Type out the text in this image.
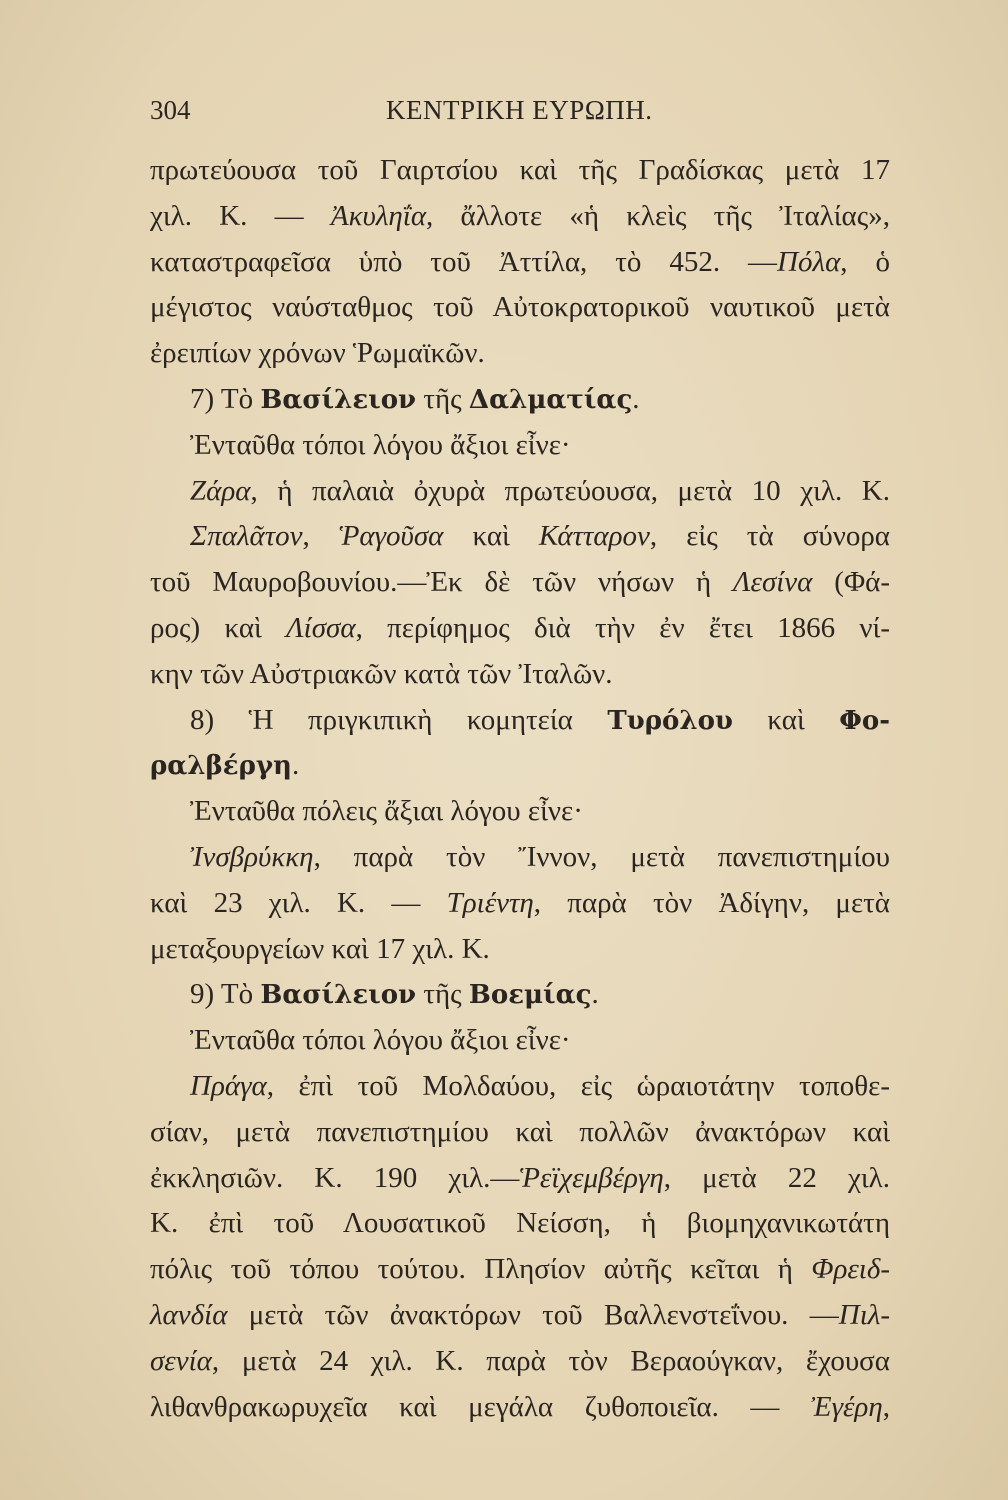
304	ΚΕΝΤΡΙΚΗ ΕΥΡΩΠΗ.
πρωτεύουσα τοῦ Γαιρτσίου καὶ τῆς Γραδίσκας μετὰ 17
χιλ. Κ. — Ἀκυληΐα, ἄλλοτε «ἡ κλεὶς τῆς Ἰταλίας»,
καταστραφεῖσα ὑπὸ τοῦ Ἀττίλα, τὸ 452. —Πόλα, ὁ
μέγιστος ναύσταθμος τοῦ Αὐτοκρατορικοῦ ναυτικοῦ μετὰ
ἐρειπίων χρόνων Ῥωμαϊκῶν.
7) Τὸ Βασίλειον τῆς Δαλματίας.
Ἐνταῦθα τόποι λόγου ἄξιοι εἶνε·
Ζάρα, ἡ παλαιὰ ὀχυρὰ πρωτεύουσα, μετὰ 10 χιλ. Κ.
Σπαλᾶτον, Ῥαγοῦσα καὶ Κάτταρον, εἰς τὰ σύνορα
τοῦ Μαυροβουνίου.—Ἐκ δὲ τῶν νήσων ἡ Λεσίνα (Φά-
ρος) καὶ Λίσσα, περίφημος διὰ τὴν ἐν ἔτει 1866 νί-
κην τῶν Αὐστριακῶν κατὰ τῶν Ἰταλῶν.
8) Ἡ πριγκιπικὴ κομητεία Τυρόλου καὶ Φο-
ραλβέργη.
Ἐνταῦθα πόλεις ἄξιαι λόγου εἶνε·
Ἰνσβρύκκη, παρὰ τὸν Ἴννον, μετὰ πανεπιστημίου
καὶ 23 χιλ. Κ. — Τριέντη, παρὰ τὸν Ἀδίγην, μετὰ
μεταξουργείων καὶ 17 χιλ. Κ.
9) Τὸ Βασίλειον τῆς Βοεμίας.
Ἐνταῦθα τόποι λόγου ἄξιοι εἶνε·
Πράγα, ἐπὶ τοῦ Μολδαύου, εἰς ὡραιοτάτην τοποθε-
σίαν, μετὰ πανεπιστημίου καὶ πολλῶν ἀνακτόρων καὶ
ἐκκλησιῶν. Κ. 190 χιλ.—Ῥεϊχεμβέργη, μετὰ 22 χιλ.
Κ. ἐπὶ τοῦ Λουσατικοῦ Νείσση, ἡ βιομηχανικωτάτη
πόλις τοῦ τόπου τούτου. Πλησίον αὐτῆς κεῖται ἡ Φρειδ-
λανδία μετὰ τῶν ἀνακτόρων τοῦ Βαλλενστεΐνου. —Πιλ-
σενία, μετὰ 24 χιλ. Κ. παρὰ τὸν Βεραούγκαν, ἔχουσα
λιθανθρακωρυχεῖα καὶ μεγάλα ζυθοποιεῖα. — Ἐγέρη,
